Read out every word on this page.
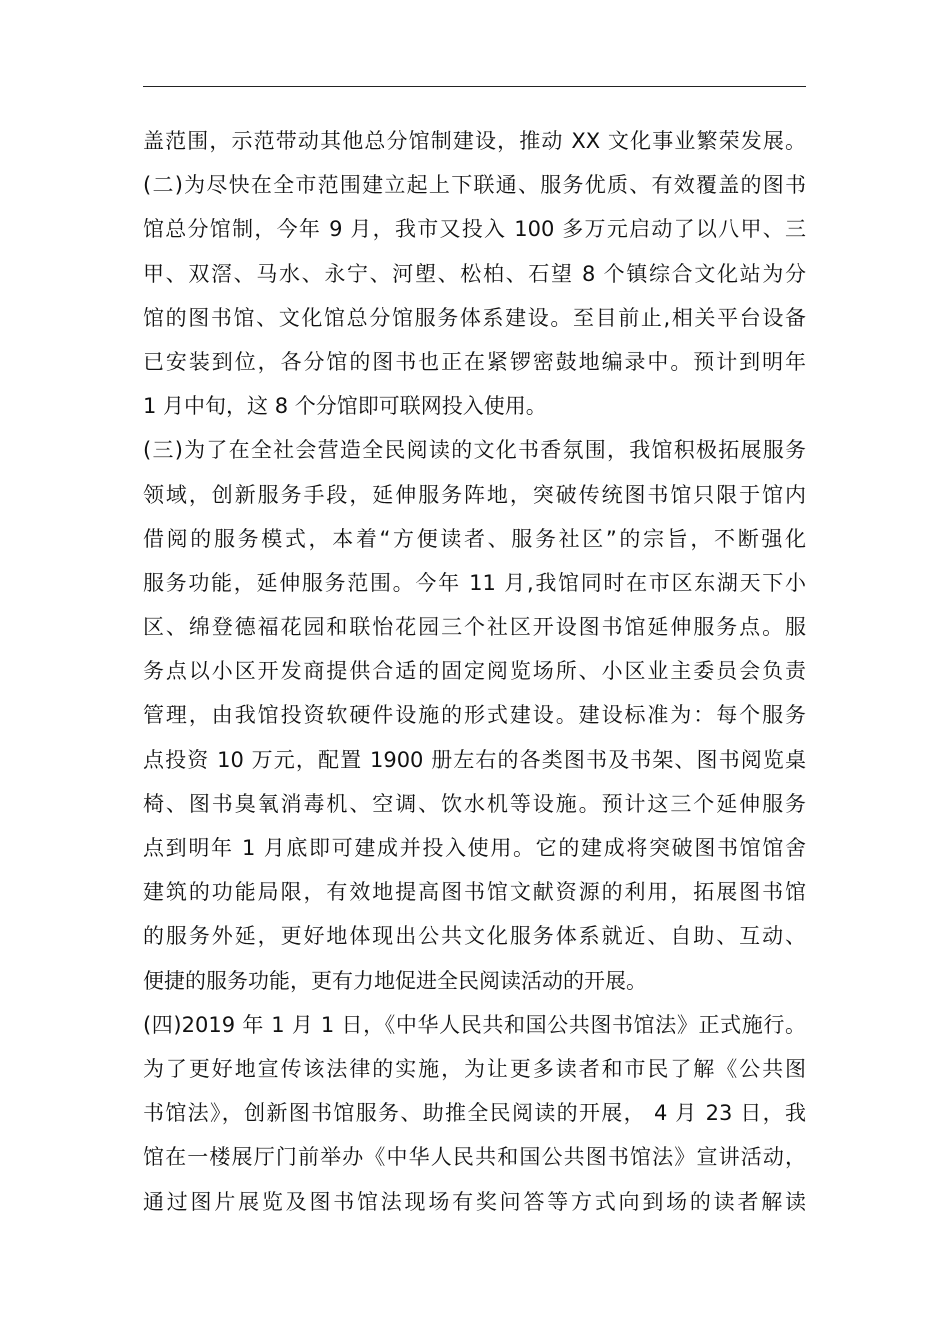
盖范围，示范带动其他总分馆制建设，推动 XX 文化事业繁荣发展。
(二)为尽快在全市范围建立起上下联通、服务优质、有效覆盖的图书
馆总分馆制，今年 9 月，我市又投入 100 多万元启动了以八甲、三
甲、双滘、马水、永宁、河塱、松柏、石望 8 个镇综合文化站为分
馆的图书馆、文化馆总分馆服务体系建设。至目前止,相关平台设备
已安装到位，各分馆的图书也正在紧锣密鼓地编录中。预计到明年
1 月中旬，这 8 个分馆即可联网投入使用。
(三)为了在全社会营造全民阅读的文化书香氛围，我馆积极拓展服务
领域，创新服务手段，延伸服务阵地，突破传统图书馆只限于馆内
借阅的服务模式，本着“方便读者、服务社区”的宗旨，不断强化
服务功能，延伸服务范围。今年 11 月,我馆同时在市区东湖天下小
区、绵登德福花园和联怡花园三个社区开设图书馆延伸服务点。服
务点以小区开发商提供合适的固定阅览场所、小区业主委员会负责
管理，由我馆投资软硬件设施的形式建设。建设标准为：每个服务
点投资 10 万元，配置 1900 册左右的各类图书及书架、图书阅览桌
椅、图书臭氧消毒机、空调、饮水机等设施。预计这三个延伸服务
点到明年 1 月底即可建成并投入使用。它的建成将突破图书馆馆舍
建筑的功能局限，有效地提高图书馆文献资源的利用，拓展图书馆
的服务外延，更好地体现出公共文化服务体系就近、自助、互动、
便捷的服务功能，更有力地促进全民阅读活动的开展。
(四)2019 年 1 月 1 日，《中华人民共和国公共图书馆法》正式施行。
为了更好地宣传该法律的实施，为让更多读者和市民了解《公共图
书馆法》，创新图书馆服务、助推全民阅读的开展， 4 月 23 日，我
馆在一楼展厅门前举办《中华人民共和国公共图书馆法》宣讲活动，
通过图片展览及图书馆法现场有奖问答等方式向到场的读者解读
